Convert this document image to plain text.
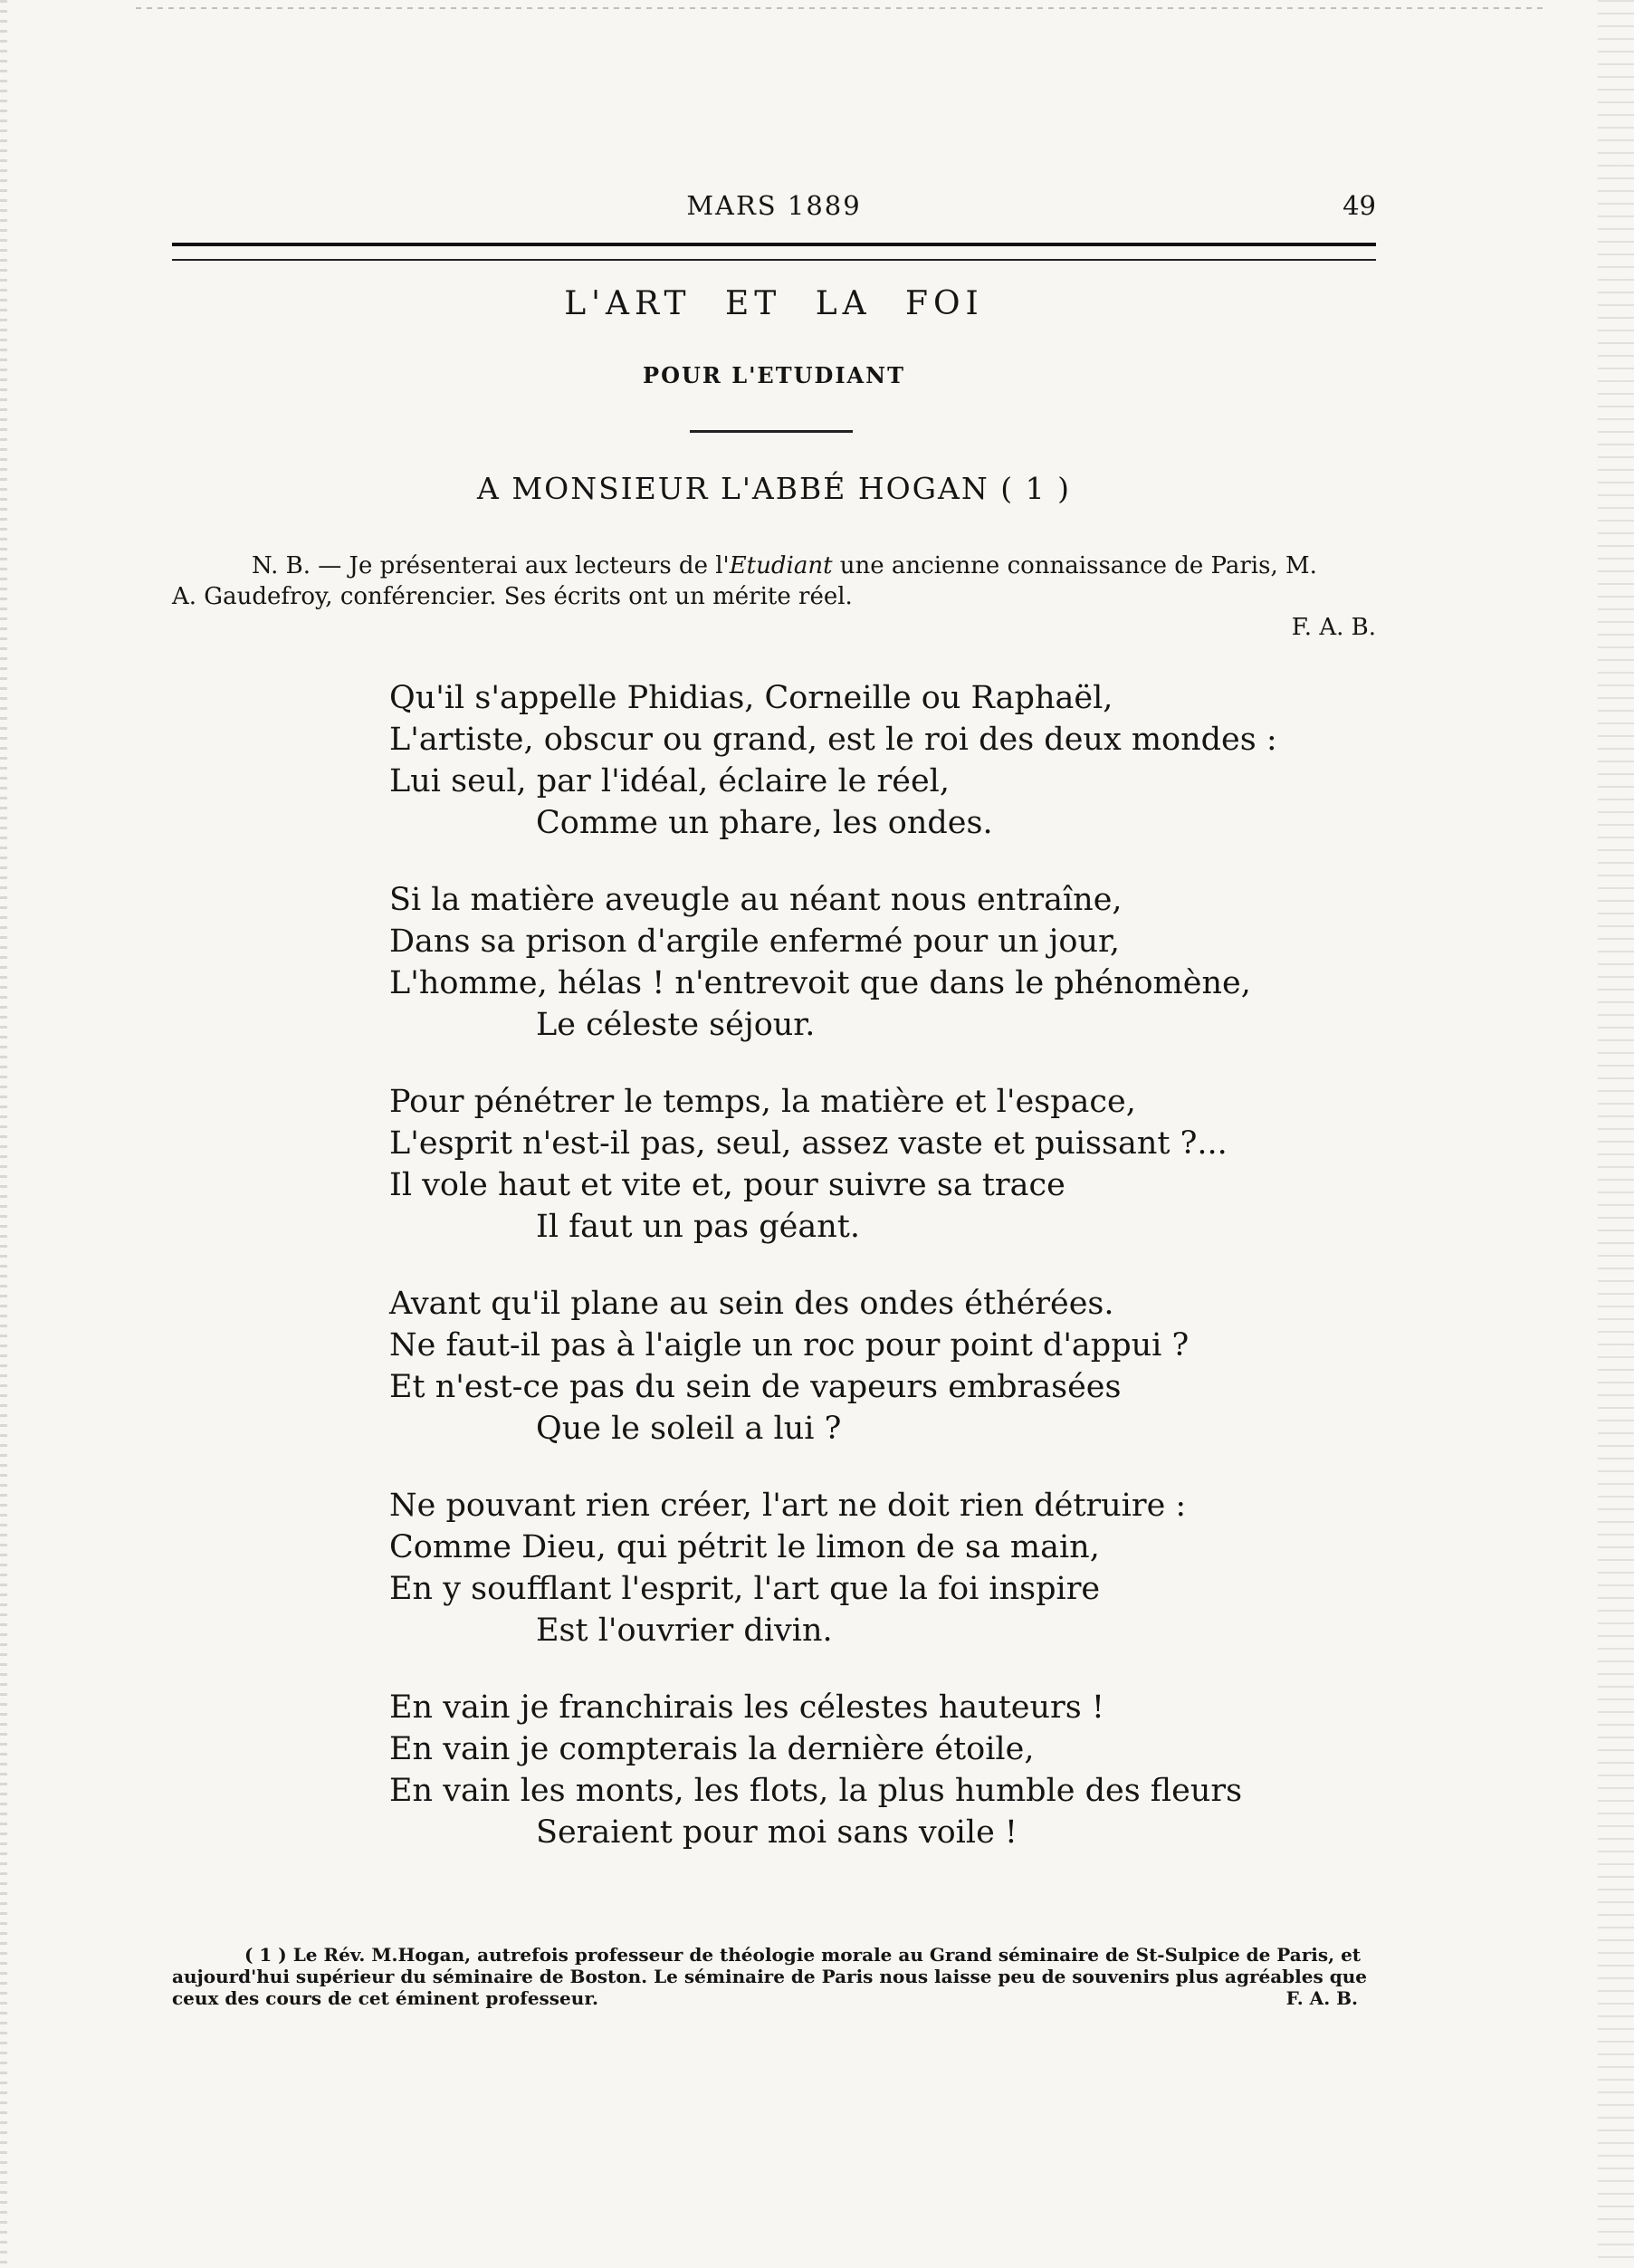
MARS 1889	49
L'ART ET LA FOI
POUR L'ETUDIANT
A MONSIEUR L'ABBÉ HOGAN ( 1 )
N. B. — Je présenterai aux lecteurs de l'Etudiant une ancienne connaissance de Paris, M.
A. Gaudefroy, conférencier. Ses écrits ont un mérite réel.
F. A. B.
Qu'il s'appelle Phidias, Corneille ou Raphaël,
L'artiste, obscur ou grand, est le roi des deux mondes :
Lui seul, par l'idéal, éclaire le réel,
Comme un phare, les ondes.
Si la matière aveugle au néant nous entraîne,
Dans sa prison d'argile enfermé pour un jour,
L'homme, hélas ! n'entrevoit que dans le phénomène,
Le céleste séjour.
Pour pénétrer le temps, la matière et l'espace,
L'esprit n'est-il pas, seul, assez vaste et puissant ?...
Il vole haut et vite et, pour suivre sa trace
Il faut un pas géant.
Avant qu'il plane au sein des ondes éthérées.
Ne faut-il pas à l'aigle un roc pour point d'appui ?
Et n'est-ce pas du sein de vapeurs embrasées
Que le soleil a lui ?
Ne pouvant rien créer, l'art ne doit rien détruire :
Comme Dieu, qui pétrit le limon de sa main,
En y soufflant l'esprit, l'art que la foi inspire
Est l'ouvrier divin.
En vain je franchirais les célestes hauteurs !
En vain je compterais la dernière étoile,
En vain les monts, les flots, la plus humble des fleurs
Seraient pour moi sans voile !

( 1 ) Le Rév. M.Hogan, autrefois professeur de théologie morale au Grand séminaire de St-Sulpice de Paris, et aujourd'hui supérieur du séminaire de Boston. Le séminaire de Paris nous laisse peu de souvenirs plus agréables que ceux des cours de cet éminent professeur.	F. A. B.
